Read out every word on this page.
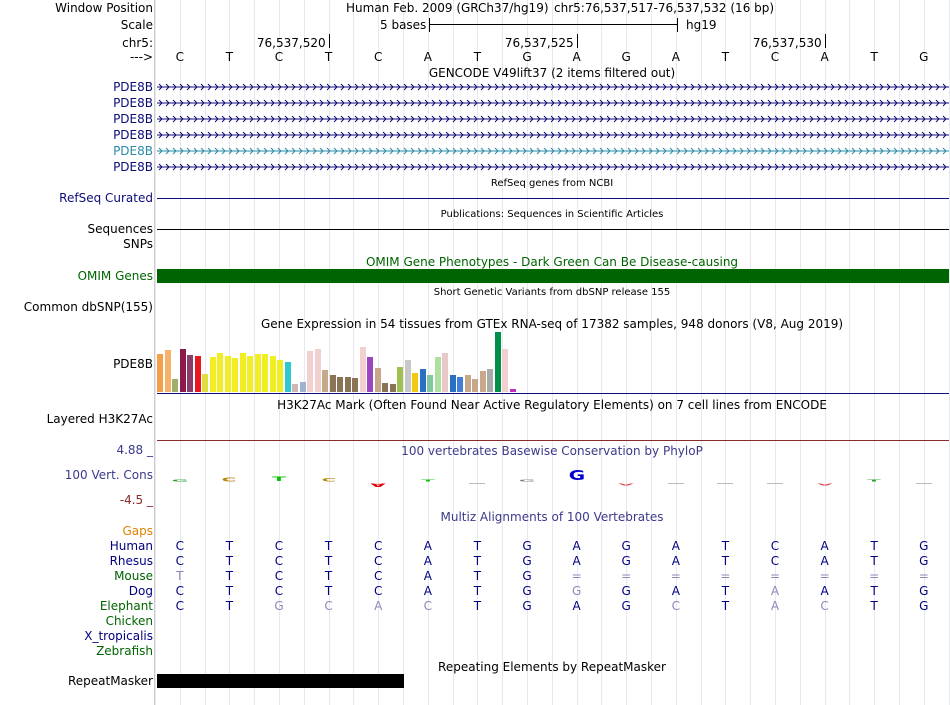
Window Position	Human Feb. 2009 (GRCh37/hg19) chr5:76,537,517-76,537,532 (16 bp)
Scale	5 bases	hg19
chr5:	76,537,520	76,537,525	76,537,530
---> C	T	C	T	C	A	T	G	A	G	A	T	C	A	T	G
GENCODE V49lift37 (2 items filtered out)
PDE8B
PDE8B
PDE8B
PDE8B
PDE8B
PDE8B
RefSeq genes from NCBI
RefSeq Curated
Publications: Sequences in Scientific Articles
Sequences
SNPs
OMIM Gene Phenotypes - Dark Green Can Be Disease-causing
OMIM Genes
Short Genetic Variants from dbSNP release 155
Common dbSNP(155)
Gene Expression in 54 tissues from GTEx RNA-seq of 17382 samples, 948 donors (V8, Aug 2019)
PDE8B
H3K27Ac Mark (Often Found Near Active Regulatory Elements) on 7 cell lines from ENCODE
Layered H3K27Ac
100 vertebrates Basewise Conservation by PhyloP
4.88 _
100 Vert. Cons
-4.5 _
G	C	T	C
A
T	G	G
A	A
T
Multiz Alignments of 100 Vertebrates
Gaps
Human C	T	C	T	C	A	T	G	A	G	A	T	C	A	T	G
Rhesus C	T	C	T	C	A	T	G	A	G	A	T	C	A	T	G
Mouse T	T	C	T	C	A	T	G	=	=	=	=	=	=	=	=
Dog C	T	C	T	C	A	T	G	G	G	A	T	A	A	T	G
Elephant C	T	G	C	A	C	T	G	A	G	C	T	A	C	T	G
Chicken
X_tropicalis
Zebrafish
Repeating Elements by RepeatMasker
RepeatMasker
